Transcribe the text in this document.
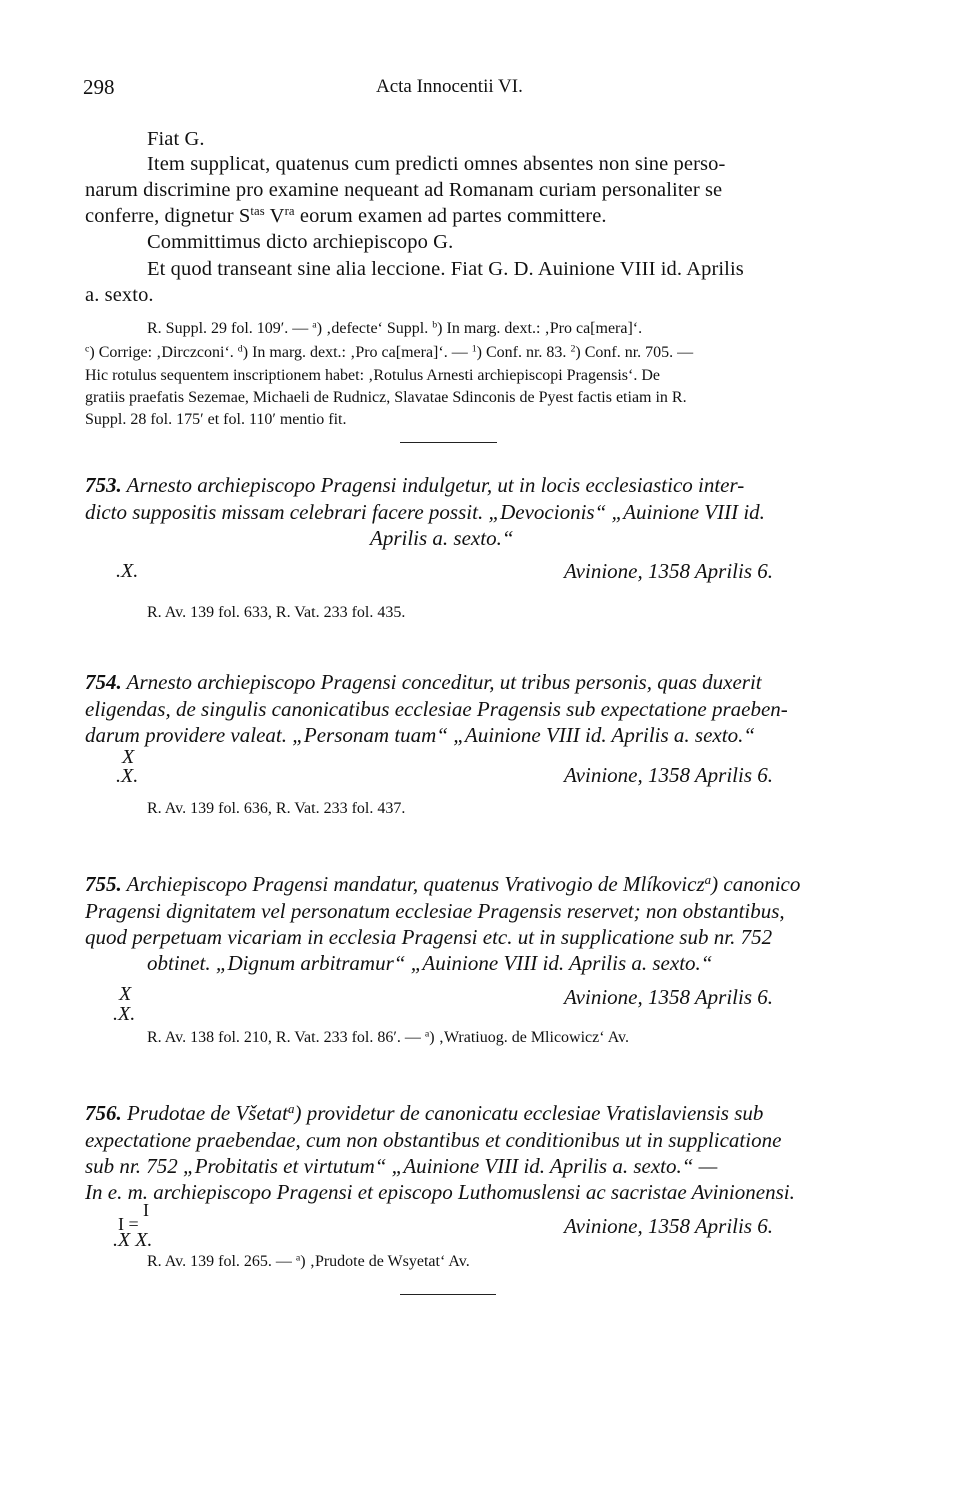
298	Acta Innocentii VI.
Fiat G.
Item supplicat, quatenus cum predicti omnes absentes non sine perso-
narum discrimine pro examine nequeant ad Romanam curiam personaliter se
conferre, dignetur $S^{tas}$ $V^{ra}$ eorum examen ad partes committere.
Committimus dicto archiepiscopo G.
Et quod transeant sine alia leccione. Fiat G. D. Auinione VIII id. Aprilis
a. sexto.
R. Suppl. 29 fol. 109′. — $^a$) ‚defecte‘ Suppl. $^b$) In marg. dext.: ‚Pro ca[mera]‘.
$^c$) Corrige: ‚Dirczconi‘. $^d$) In marg. dext.: ‚Pro ca[mera]‘. — $^1$) Conf. nr. 83. $^2$) Conf. nr. 705. —
Hic rotulus sequentem inscriptionem habet: ‚Rotulus Arnesti archiepiscopi Pragensis‘. De
gratiis praefatis Sezemae, Michaeli de Rudnicz, Slavatae Sdinconis de Pyest factis etiam in R.
Suppl. 28 fol. 175′ et fol. 110′ mentio fit.
753. Arnesto archiepiscopo Pragensi indulgetur, ut in locis ecclesiastico inter-
dicto suppositis missam celebrari facere possit. „Devocionis“ „Auinione VIII id.
Aprilis a. sexto.“
.X.	Avinione, 1358 Aprilis 6.
R. Av. 139 fol. 633, R. Vat. 233 fol. 435.
754. Arnesto archiepiscopo Pragensi conceditur, ut tribus personis, quas duxerit
eligendas, de singulis canonicatibus ecclesiae Pragensis sub expectatione praeben-
darum providere valeat. „Personam tuam“ „Auinione VIII id. Aprilis a. sexto.“
X
.X.	Avinione, 1358 Aprilis 6.
R. Av. 139 fol. 636, R. Vat. 233 fol. 437.
755. Archiepiscopo Pragensi mandatur, quatenus Vrativogio de Mlíkovicz$^a$) canonico
Pragensi dignitatem vel personatum ecclesiae Pragensis reservet; non obstantibus,
quod perpetuam vicariam in ecclesia Pragensi etc. ut in supplicatione sub nr. 752
obtinet. „Dignum arbitramur“ „Auinione VIII id. Aprilis a. sexto.“
X
.X.
Avinione, 1358 Aprilis 6.
R. Av. 138 fol. 210, R. Vat. 233 fol. 86′. — $^a$) ‚Wratiuog. de Mlicowicz‘ Av.
756. Prudotae de Všetat$^a$) providetur de canonicatu ecclesiae Vratislaviensis sub
expectatione praebendae, cum non obstantibus et conditionibus ut in supplicatione
sub nr. 752 „Probitatis et virtutum“ „Auinione VIII id. Aprilis a. sexto.“ —
In e. m. archiepiscopo Pragensi et episcopo Luthomuslensi ac sacristae Avinionensi.
I
I =
.X X.
Avinione, 1358 Aprilis 6.
R. Av. 139 fol. 265. — $^a$) ‚Prudote de Wsyetat‘ Av.
